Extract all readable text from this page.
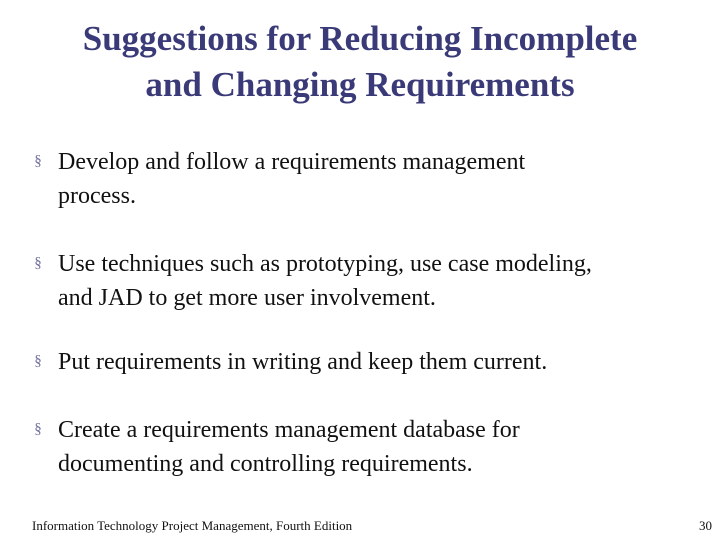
Suggestions for Reducing Incomplete
and Changing Requirements
§ Develop and follow a requirements management
process.
§ Use techniques such as prototyping, use case modeling,
and JAD to get more user involvement.
§ Put requirements in writing and keep them current.
§ Create a requirements management database for
documenting and controlling requirements.
Information Technology Project Management, Fourth Edition	30
